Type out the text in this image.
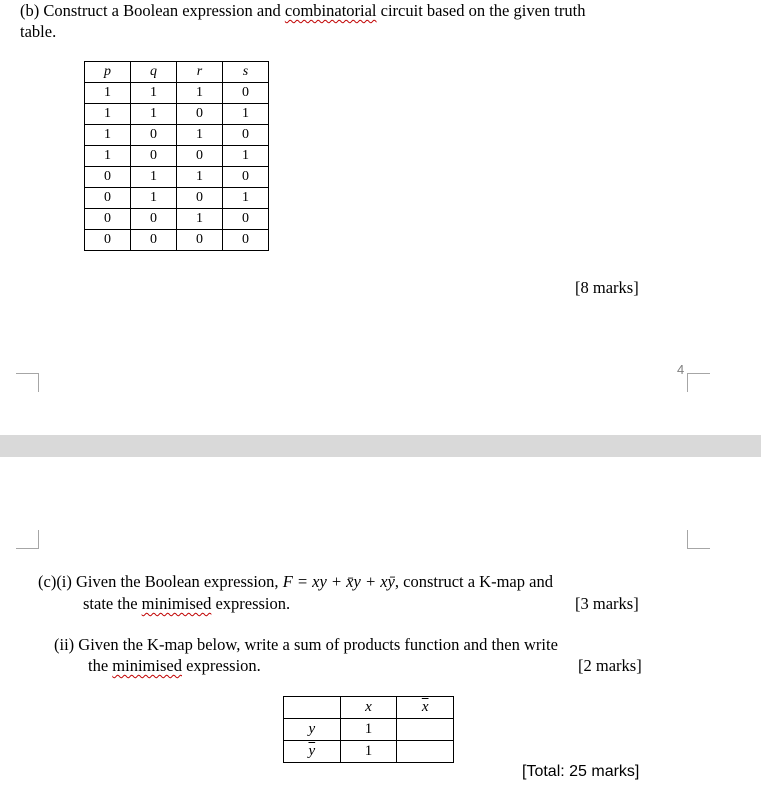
(b) Construct a Boolean expression and combinatorial circuit based on the given truth
table.
p	q	r	s
1	1	1	0
1	1	0	1
1	0	1	0
1	0	0	1
0	1	1	0
0	1	0	1
0	0	1	0
0	0	0	0
[8 marks]
4
(c)(i) Given the Boolean expression, F = xy + x̄y + xȳ, construct a K-map and
state the minimised expression.	[3 marks]
(ii) Given the K-map below, write a sum of products function and then write
the minimised expression.	[2 marks]
	x	$\overline{x}$
y	1	
$\overline{y}$	1	
[Total: 25 marks]
